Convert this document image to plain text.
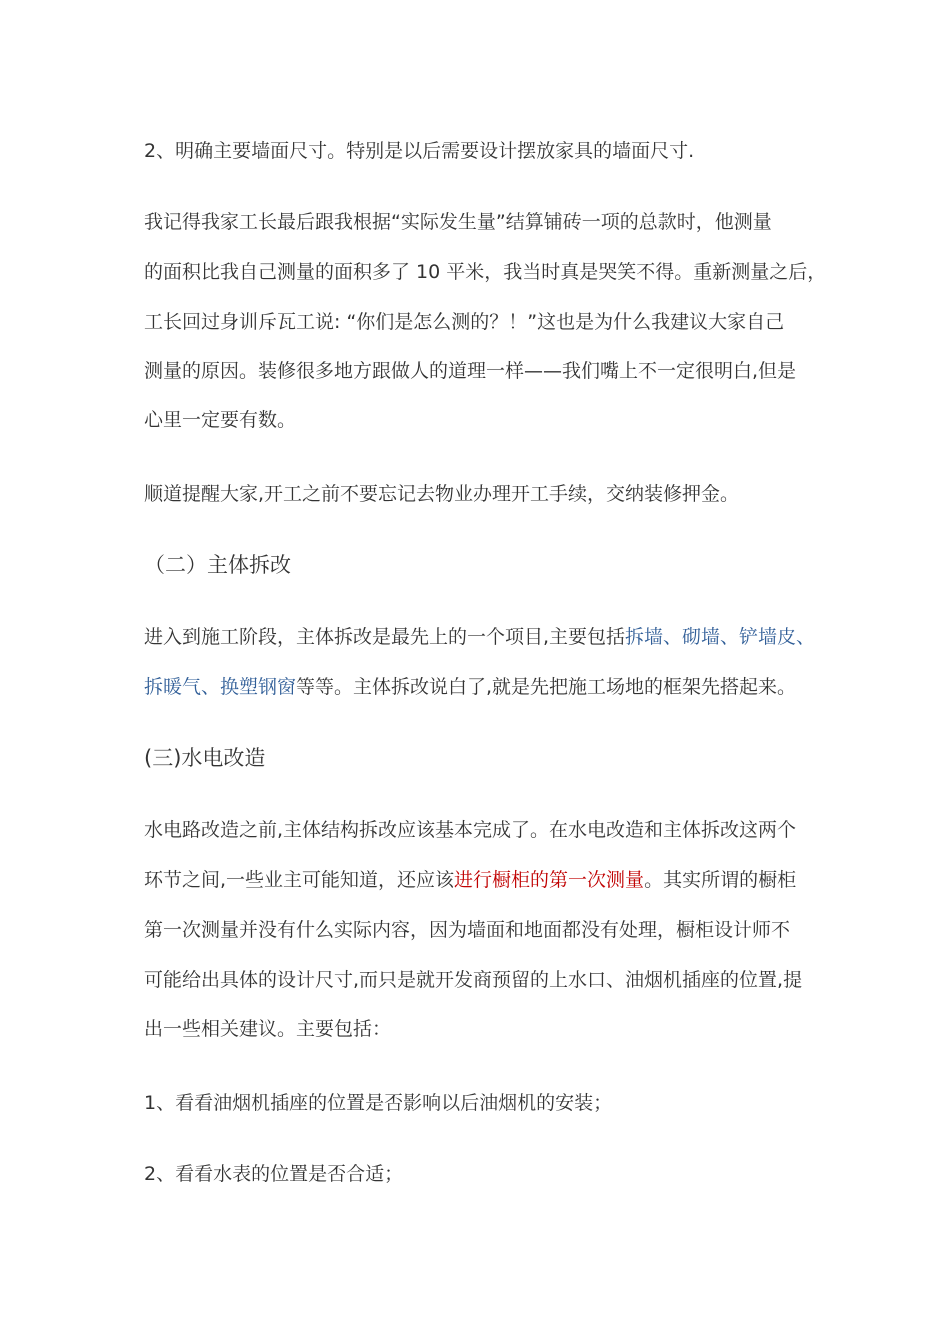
2、明确主要墙面尺寸。特别是以后需要设计摆放家具的墙面尺寸.
我记得我家工长最后跟我根据“实际发生量”结算铺砖一项的总款时，他测量
的面积比我自己测量的面积多了 10 平米，我当时真是哭笑不得。重新测量之后，
工长回过身训斥瓦工说: “你们是怎么测的？！”这也是为什么我建议大家自己
测量的原因。装修很多地方跟做人的道理一样——我们嘴上不一定很明白,但是
心里一定要有数。
顺道提醒大家,开工之前不要忘记去物业办理开工手续，交纳装修押金。
（二）主体拆改
进入到施工阶段，主体拆改是最先上的一个项目,主要包括拆墙、砌墙、铲墙皮、
拆暖气、换塑钢窗等等。主体拆改说白了,就是先把施工场地的框架先搭起来。
(三)水电改造
水电路改造之前,主体结构拆改应该基本完成了。在水电改造和主体拆改这两个
环节之间,一些业主可能知道，还应该进行橱柜的第一次测量。其实所谓的橱柜
第一次测量并没有什么实际内容，因为墙面和地面都没有处理，橱柜设计师不
可能给出具体的设计尺寸,而只是就开发商预留的上水口、油烟机插座的位置,提
出一些相关建议。主要包括：
1、看看油烟机插座的位置是否影响以后油烟机的安装；
2、看看水表的位置是否合适；
